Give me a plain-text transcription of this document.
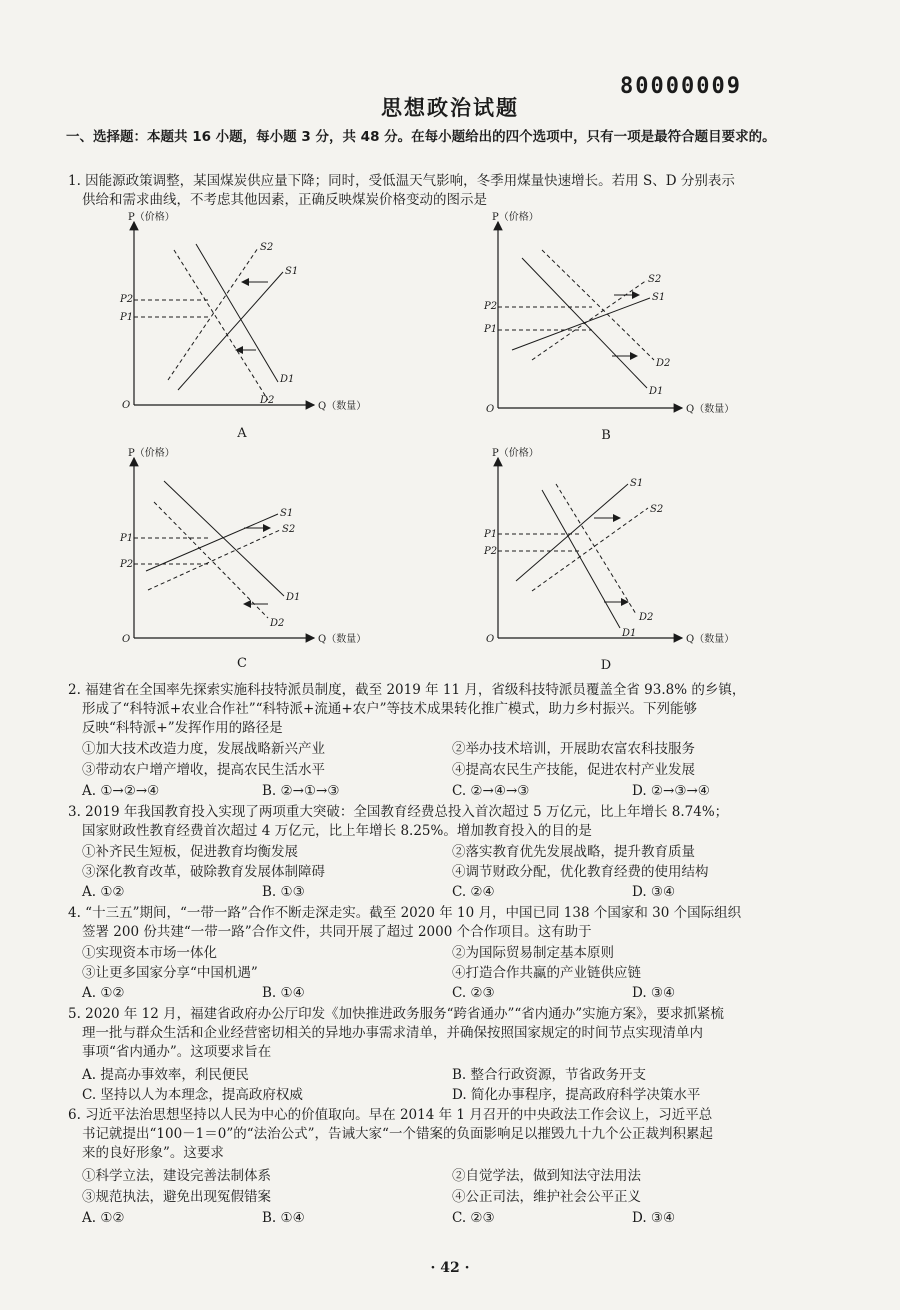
80000009
思想政治试题
一、选择题：本题共 16 小题，每小题 3 分，共 48 分。在每小题给出的四个选项中，只有一项是最符合题目要求的。
1. 因能源政策调整，某国煤炭供应量下降；同时，受低温天气影响，冬季用煤量快速增长。若用 S、D 分别表示
供给和需求曲线，不考虑其他因素，正确反映煤炭价格变动的图示是
P（价格）
Q（数量）
O
P2
P1
S2
S1
D1
D2
A
P（价格）
Q（数量）
O
P2
P1
S2
S1
D2
D1
B
P（价格）
Q（数量）
O
P1
P2
S1
S2
D1
D2
C
P（价格）
Q（数量）
O
P1
P2
S1
S2
D2
D1
D
2. 福建省在全国率先探索实施科技特派员制度，截至 2019 年 11 月，省级科技特派员覆盖全省 93.8% 的乡镇，
形成了“科特派+农业合作社”“科特派+流通+农户”等技术成果转化推广模式，助力乡村振兴。下列能够
反映“科特派+”发挥作用的路径是
①加大技术改造力度，发展战略新兴产业	②举办技术培训，开展助农富农科技服务
③带动农户增产增收，提高农民生活水平	④提高农民生产技能，促进农村产业发展
A. ①→②→④	B. ②→①→③	C. ②→④→③	D. ②→③→④
3. 2019 年我国教育投入实现了两项重大突破：全国教育经费总投入首次超过 5 万亿元，比上年增长 8.74%；
国家财政性教育经费首次超过 4 万亿元，比上年增长 8.25%。增加教育投入的目的是
①补齐民生短板，促进教育均衡发展	②落实教育优先发展战略，提升教育质量
③深化教育改革，破除教育发展体制障碍	④调节财政分配，优化教育经费的使用结构
A. ①②	B. ①③	C. ②④	D. ③④
4. “十三五”期间，“一带一路”合作不断走深走实。截至 2020 年 10 月，中国已同 138 个国家和 30 个国际组织
签署 200 份共建“一带一路”合作文件，共同开展了超过 2000 个合作项目。这有助于
①实现资本市场一体化	②为国际贸易制定基本原则
③让更多国家分享“中国机遇”	④打造合作共赢的产业链供应链
A. ①②	B. ①④	C. ②③	D. ③④
5. 2020 年 12 月，福建省政府办公厅印发《加快推进政务服务“跨省通办”“省内通办”实施方案》，要求抓紧梳
理一批与群众生活和企业经营密切相关的异地办事需求清单，并确保按照国家规定的时间节点实现清单内
事项“省内通办”。这项要求旨在
A. 提高办事效率，利民便民	B. 整合行政资源，节省政务开支
C. 坚持以人为本理念，提高政府权威	D. 简化办事程序，提高政府科学决策水平
6. 习近平法治思想坚持以人民为中心的价值取向。早在 2014 年 1 月召开的中央政法工作会议上，习近平总
书记就提出“100－1＝0”的“法治公式”，告诫大家“一个错案的负面影响足以摧毁九十九个公正裁判积累起
来的良好形象”。这要求
①科学立法，建设完善法制体系	②自觉学法，做到知法守法用法
③规范执法，避免出现冤假错案	④公正司法，维护社会公平正义
A. ①②	B. ①④	C. ②③	D. ③④
· 42 ·
